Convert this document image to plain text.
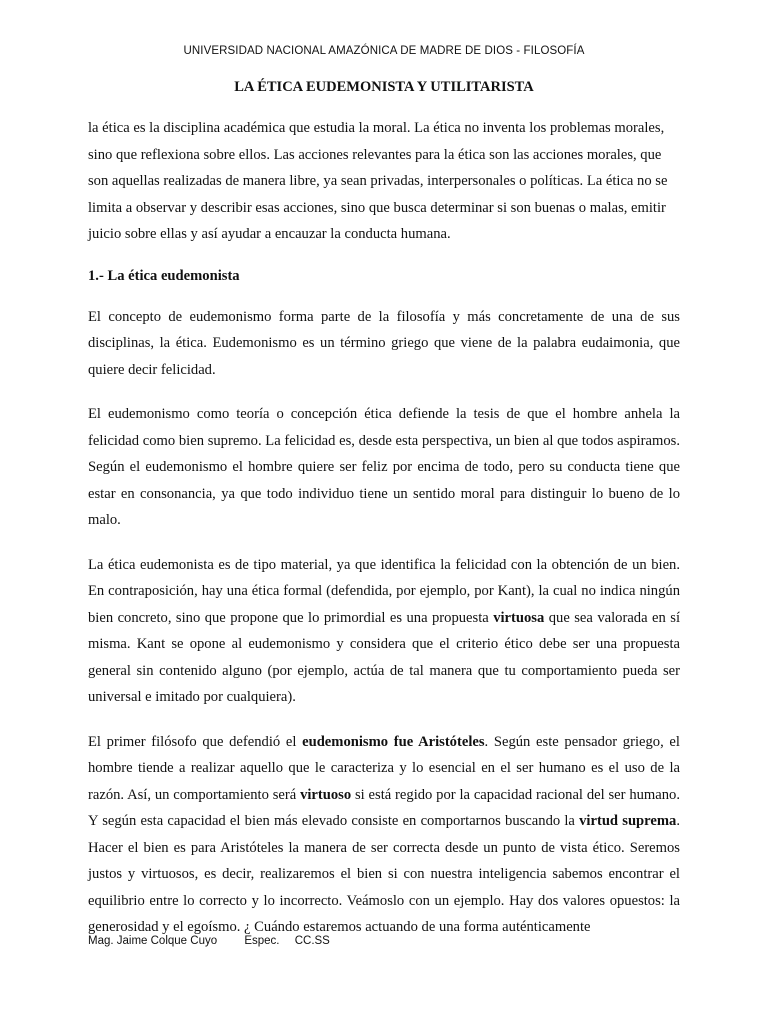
UNIVERSIDAD NACIONAL AMAZÓNICA DE MADRE DE DIOS - FILOSOFÍA
LA ÉTICA EUDEMONISTA Y UTILITARISTA

la ética es la disciplina académica que estudia la moral. La ética no inventa los problemas morales, sino que reflexiona sobre ellos. Las acciones relevantes para la ética son las acciones morales, que son aquellas realizadas de manera libre, ya sean privadas, interpersonales o políticas. La ética no se limita a observar y describir esas acciones, sino que busca determinar si son buenas o malas, emitir juicio sobre ellas y así ayudar a encauzar la conducta humana.

1.- La ética eudemonista

El concepto de eudemonismo forma parte de la filosofía y más concretamente de una de sus disciplinas, la ética. Eudemonismo es un término griego que viene de la palabra eudaimonia, que quiere decir felicidad.

El eudemonismo como teoría o concepción ética defiende la tesis de que el hombre anhela la felicidad como bien supremo. La felicidad es, desde esta perspectiva, un bien al que todos aspiramos. Según el eudemonismo el hombre quiere ser feliz por encima de todo, pero su conducta tiene que estar en consonancia, ya que todo individuo tiene un sentido moral para distinguir lo bueno de lo malo.

La ética eudemonista es de tipo material, ya que identifica la felicidad con la obtención de un bien. En contraposición, hay una ética formal (defendida, por ejemplo, por Kant), la cual no indica ningún bien concreto, sino que propone que lo primordial es una propuesta virtuosa que sea valorada en sí misma. Kant se opone al eudemonismo y considera que el criterio ético debe ser una propuesta general sin contenido alguno (por ejemplo, actúa de tal manera que tu comportamiento pueda ser universal e imitado por cualquiera).

El primer filósofo que defendió el eudemonismo fue Aristóteles. Según este pensador griego, el hombre tiende a realizar aquello que le caracteriza y lo esencial en el ser humano es el uso de la razón. Así, un comportamiento será virtuoso si está regido por la capacidad racional del ser humano. Y según esta capacidad el bien más elevado consiste en comportarnos buscando la virtud suprema. Hacer el bien es para Aristóteles la manera de ser correcta desde un punto de vista ético. Seremos justos y virtuosos, es decir, realizaremos el bien si con nuestra inteligencia sabemos encontrar el equilibrio entre lo correcto y lo incorrecto. Veámoslo con un ejemplo. Hay dos valores opuestos: la generosidad y el egoísmo. ¿ Cuándo estaremos actuando de una forma auténticamente

Mag. Jaime Colque Cuyo Espec. CC.SS
